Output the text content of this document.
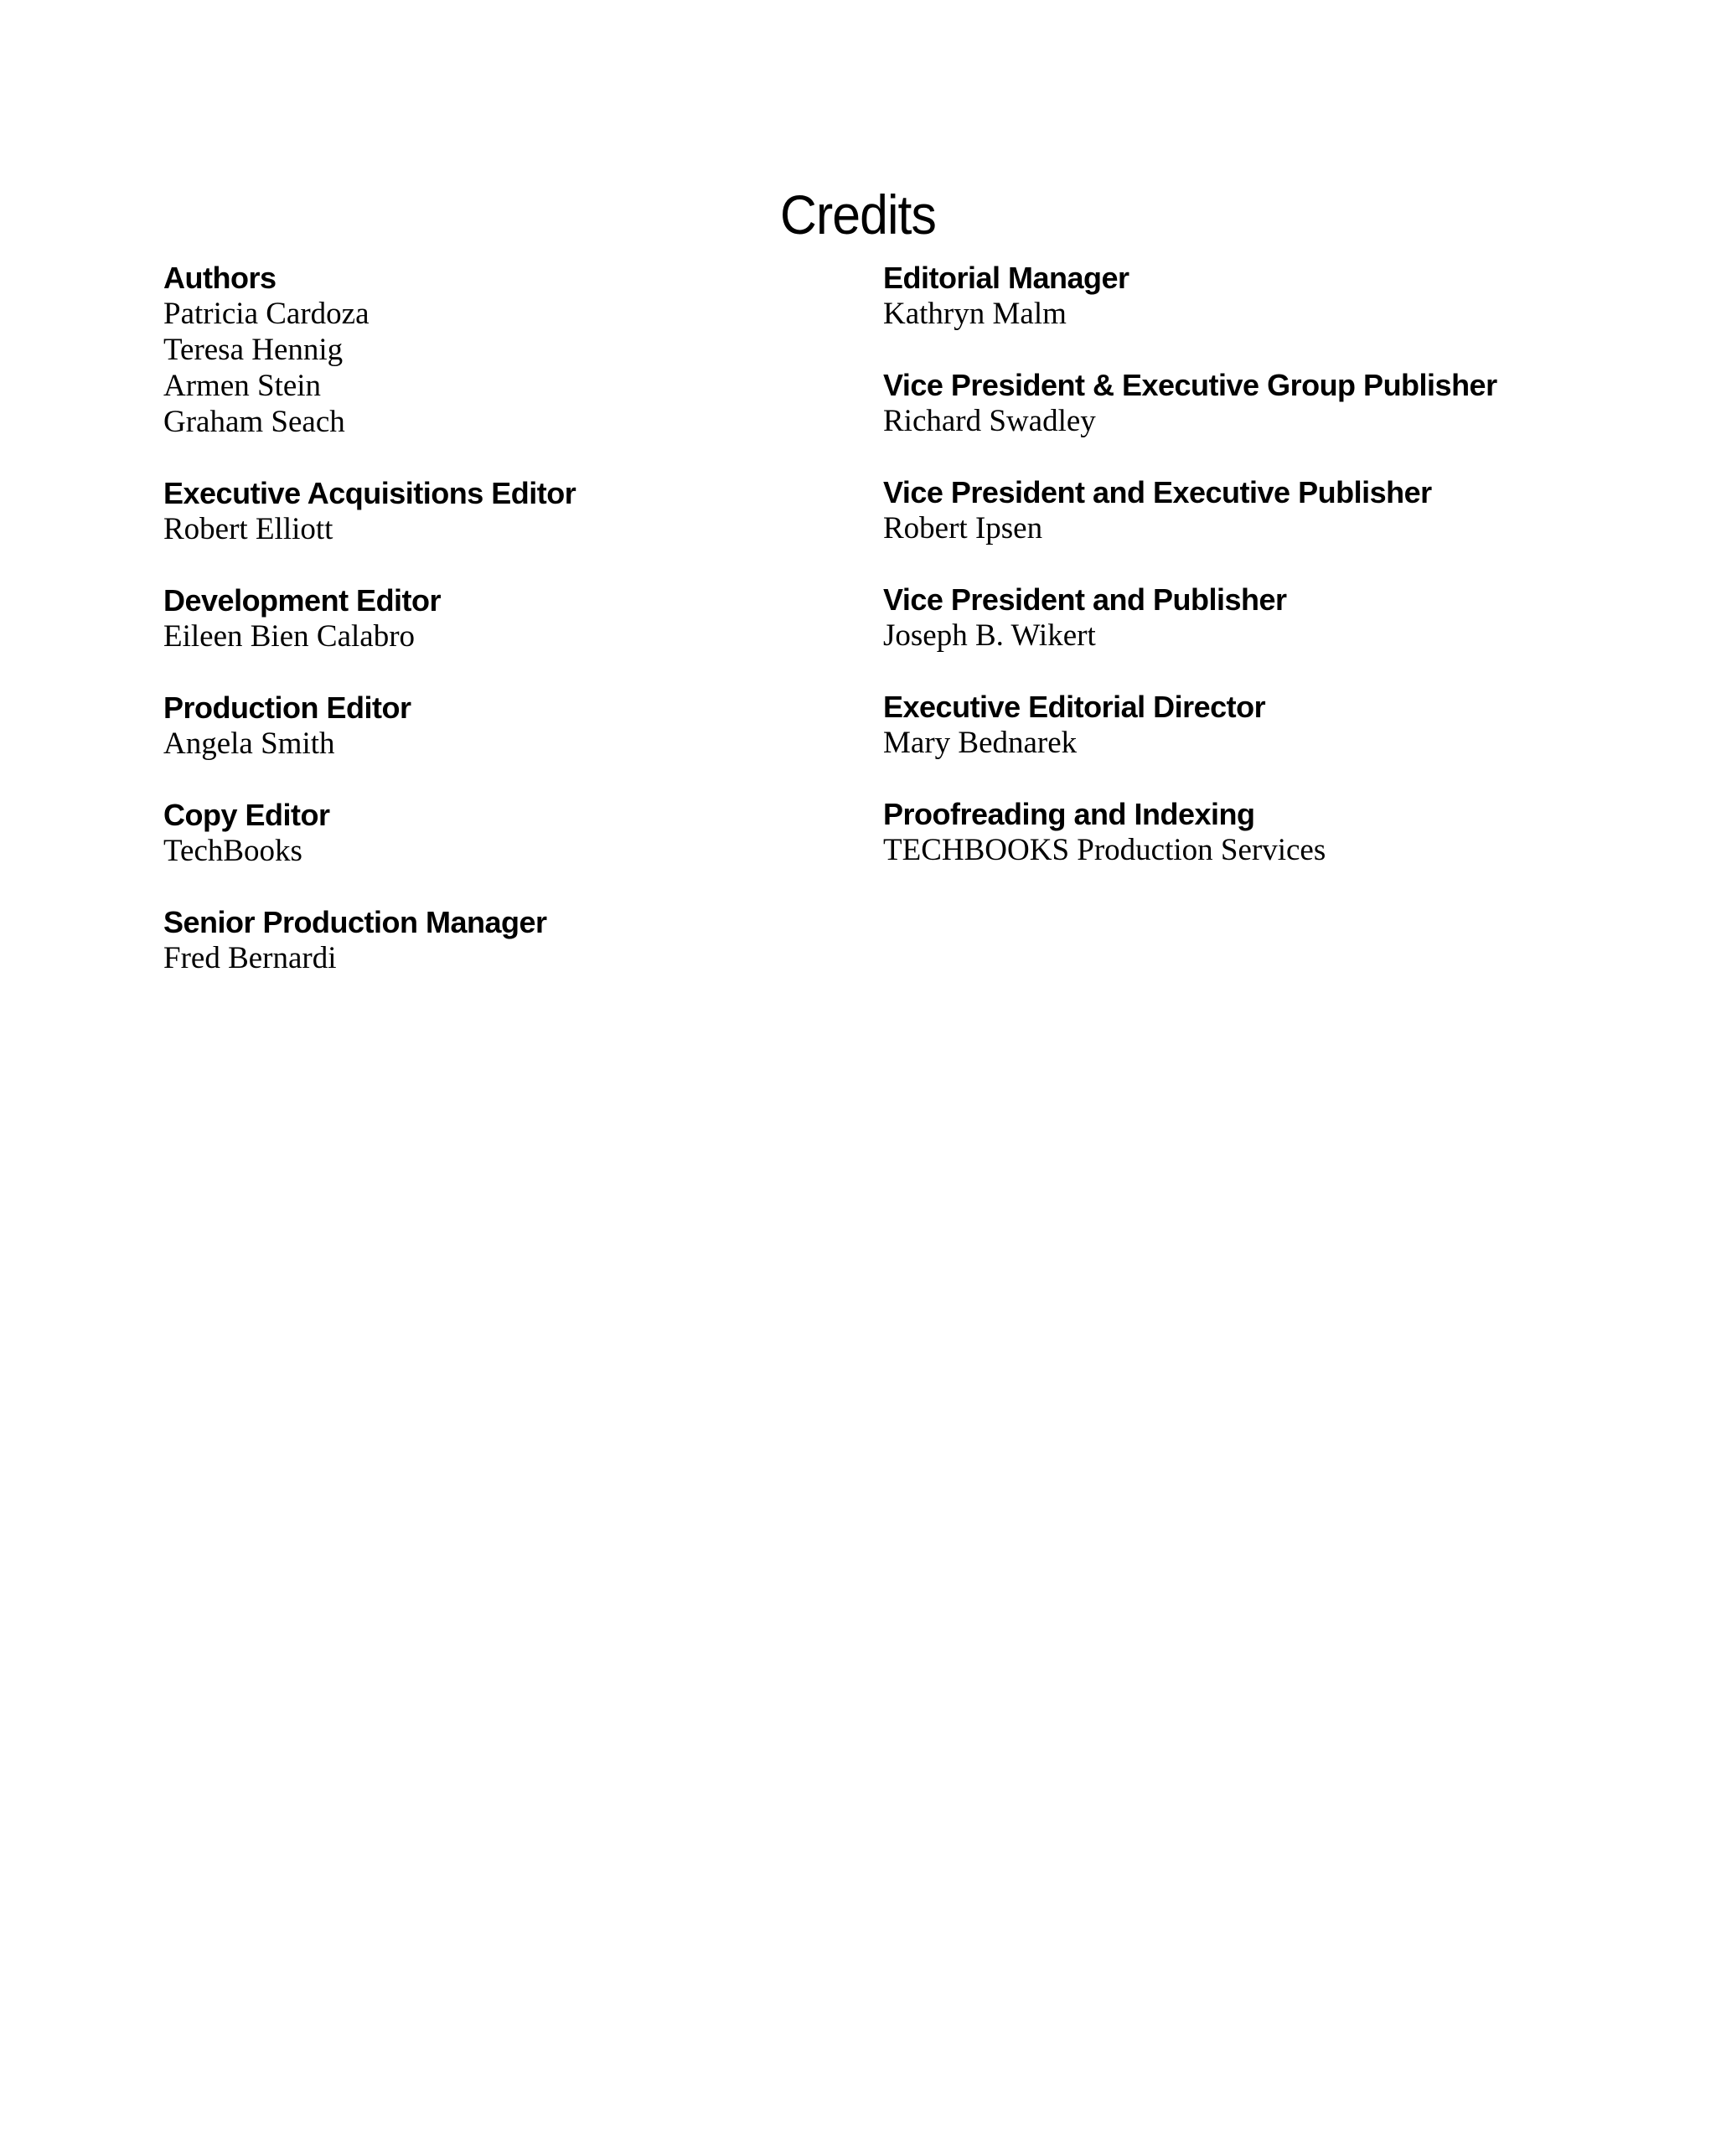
Credits
Authors
Patricia Cardoza
Teresa Hennig
Armen Stein
Graham Seach
Executive Acquisitions Editor
Robert Elliott
Development Editor
Eileen Bien Calabro
Production Editor
Angela Smith
Copy Editor
TechBooks
Senior Production Manager
Fred Bernardi
Editorial Manager
Kathryn Malm
Vice President & Executive Group Publisher
Richard Swadley
Vice President and Executive Publisher
Robert Ipsen
Vice President and Publisher
Joseph B. Wikert
Executive Editorial Director
Mary Bednarek
Proofreading and Indexing
TECHBOOKS Production Services
